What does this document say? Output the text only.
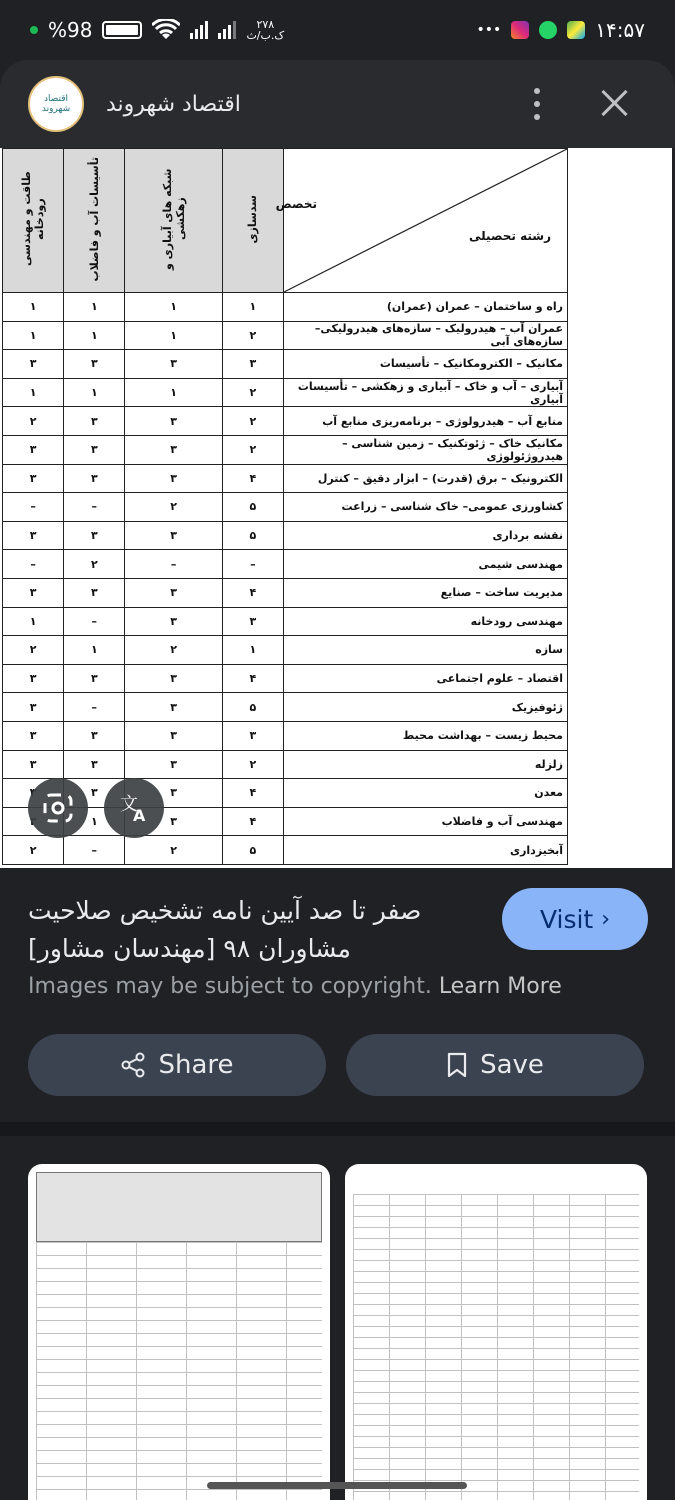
%98	۲۷۸
ک.ب/ث	•••	۱۴:۵۷
اقتصاد شهروند اقتصاد شهروند
طاقت و مهندسی رودخانه	تأسیسات آب و فاضلاب	شبکه های آبیاری و زهکشی	سدسازی	تخصص
رشته تحصیلی

۱	۱	۱	۱	راه و ساختمان – عمران (عمران)
۱	۱	۱	۲	عمران آب – هیدرولیک – سازه‌های هیدرولیکی– سازه‌های آبی
۳	۳	۳	۳	مکانیک – الکترومکانیک – تأسیسات
۱	۱	۱	۲	آبیاری – آب و خاک – آبیاری و زهکشی – تأسیسات آبیاری
۲	۳	۳	۲	منابع آب – هیدرولوژی – برنامه‌ریزی منابع آب
۳	۳	۳	۲	مکانیک خاک – ژئوتکنیک – زمین شناسی – هیدروژئولوژی
۳	۳	۳	۴	الکترونیک – برق (قدرت) – ابزار دقیق – کنترل
–	–	۲	۵	کشاورزی عمومی– خاک شناسی – زراعت
۳	۳	۳	۵	نقشه برداری
–	۲	–	–	مهندسی شیمی
۳	۳	۳	۴	مدیریت ساخت – صنایع
۱	–	۳	۳	مهندسی رودخانه
۲	۱	۲	۱	سازه
۳	۳	۳	۴	اقتصاد – علوم اجتماعی
۳	–	۳	۵	ژئوفیزیک
۳	۳	۳	۳	محیط زیست – بهداشت محیط
۳	۳	۳	۲	زلزله
	۳	۳	۴	معدن
	۱	۳	۴	مهندسی آب و فاضلاب
۲	–	۲	۵	آبخیزداری
文
A
صفر تا صد آیین نامه تشخیص صلاحیت مشاوران ۹۸ [مهندسان مشاور]
Images may be subject to copyright. Learn More
Visit ›
Share	Save
